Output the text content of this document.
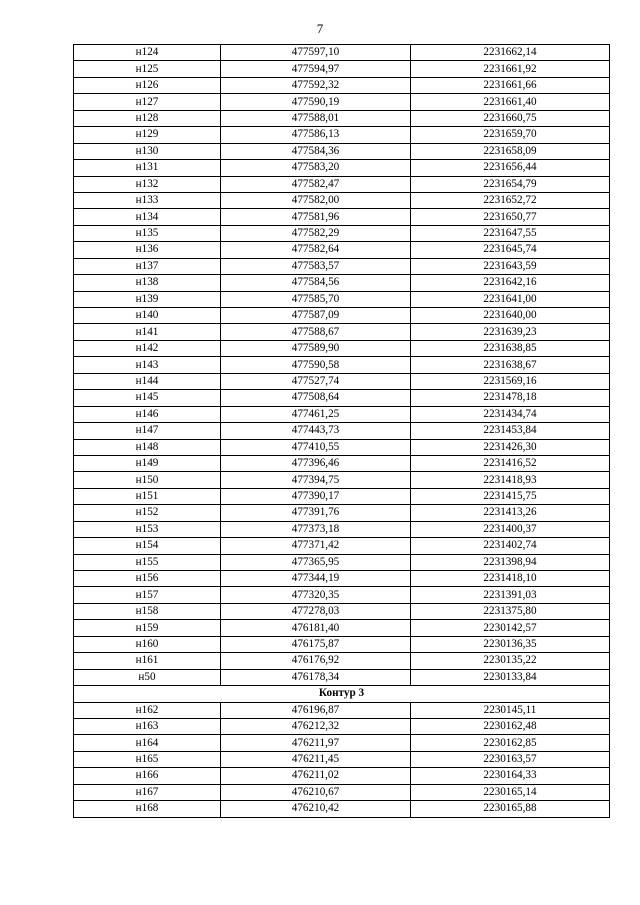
7
н124	477597,10	2231662,14
н125	477594,97	2231661,92
н126	477592,32	2231661,66
н127	477590,19	2231661,40
н128	477588,01	2231660,75
н129	477586,13	2231659,70
н130	477584,36	2231658,09
н131	477583,20	2231656,44
н132	477582,47	2231654,79
н133	477582,00	2231652,72
н134	477581,96	2231650,77
н135	477582,29	2231647,55
н136	477582,64	2231645,74
н137	477583,57	2231643,59
н138	477584,56	2231642,16
н139	477585,70	2231641,00
н140	477587,09	2231640,00
н141	477588,67	2231639,23
н142	477589,90	2231638,85
н143	477590,58	2231638,67
н144	477527,74	2231569,16
н145	477508,64	2231478,18
н146	477461,25	2231434,74
н147	477443,73	2231453,84
н148	477410,55	2231426,30
н149	477396,46	2231416,52
н150	477394,75	2231418,93
н151	477390,17	2231415,75
н152	477391,76	2231413,26
н153	477373,18	2231400,37
н154	477371,42	2231402,74
н155	477365,95	2231398,94
н156	477344,19	2231418,10
н157	477320,35	2231391,03
н158	477278,03	2231375,80
н159	476181,40	2230142,57
н160	476175,87	2230136,35
н161	476176,92	2230135,22
н50	476178,34	2230133,84
Контур 3		
н162	476196,87	2230145,11
н163	476212,32	2230162,48
н164	476211,97	2230162,85
н165	476211,45	2230163,57
н166	476211,02	2230164,33
н167	476210,67	2230165,14
н168	476210,42	2230165,88
